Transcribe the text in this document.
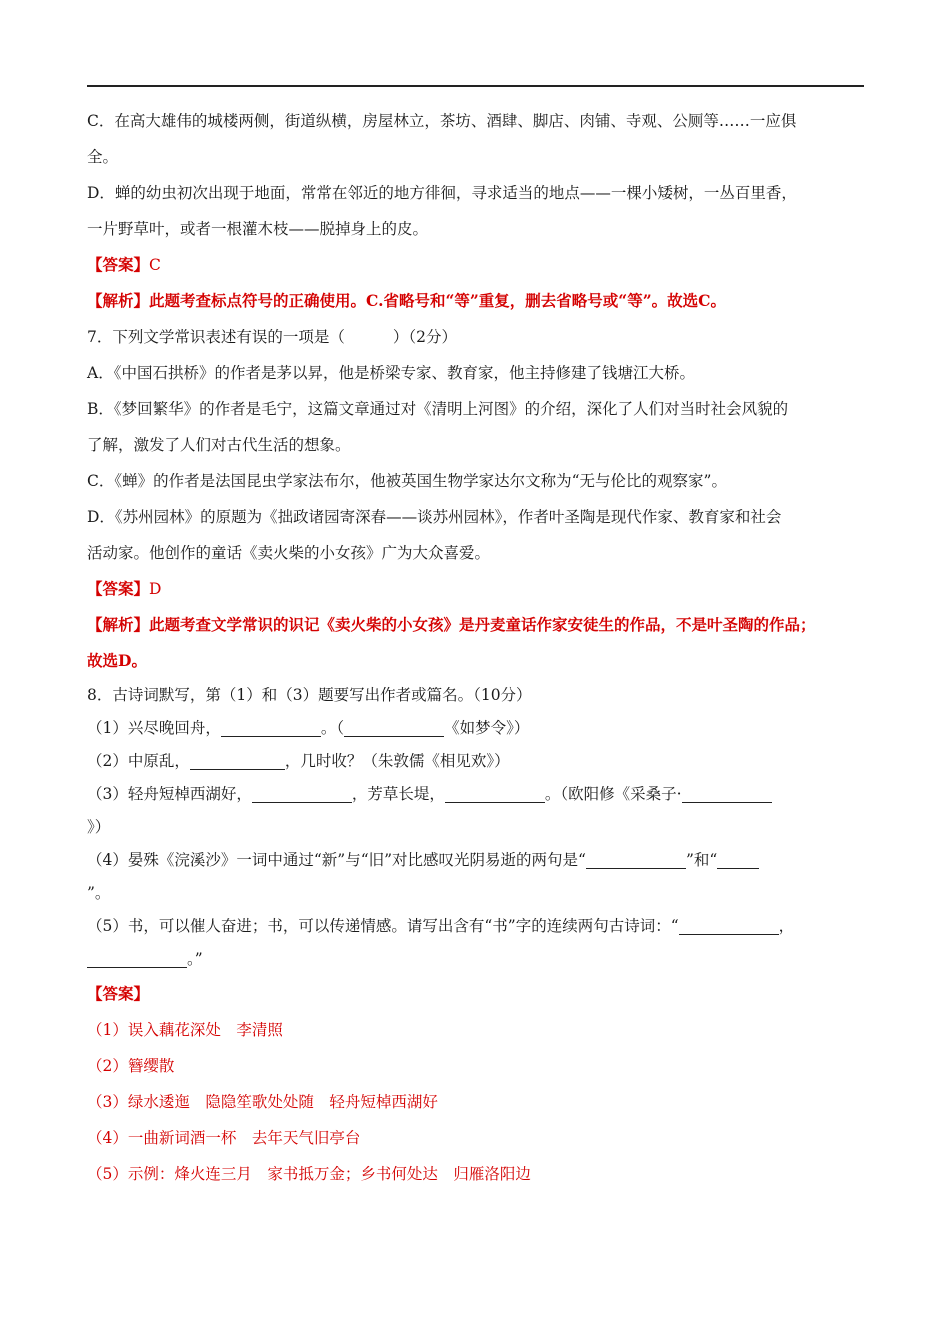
C．在高大雄伟的城楼两侧，街道纵横，房屋林立，茶坊、酒肆、脚店、肉铺、寺观、公厕等……一应俱
全。
D．蝉的幼虫初次出现于地面，常常在邻近的地方徘徊，寻求适当的地点——一棵小矮树，一丛百里香，
一片野草叶，或者一根灌木枝——脱掉身上的皮。
【答案】C
【解析】此题考查标点符号的正确使用。C.省略号和“等”重复，删去省略号或“等”。故选C。
7．下列文学常识表述有误的一项是（	）（2分）
A．《中国石拱桥》的作者是茅以昇，他是桥梁专家、教育家，他主持修建了钱塘江大桥。
B．《梦回繁华》的作者是毛宁，这篇文章通过对《清明上河图》的介绍，深化了人们对当时社会风貌的
了解，激发了人们对古代生活的想象。
C．《蝉》的作者是法国昆虫学家法布尔，他被英国生物学家达尔文称为“无与伦比的观察家”。
D．《苏州园林》的原题为《拙政诸园寄深春——谈苏州园林》，作者叶圣陶是现代作家、教育家和社会
活动家。他创作的童话《卖火柴的小女孩》广为大众喜爱。
【答案】D
【解析】此题考查文学常识的识记《卖火柴的小女孩》是丹麦童话作家安徒生的作品，不是叶圣陶的作品；
故选D。
8．古诗词默写，第（1）和（3）题要写出作者或篇名。（10分）
（1）兴尽晚回舟，	。（	《如梦令》）
（2）中原乱，	，几时收？（朱敦儒《相见欢》）
（3）轻舟短棹西湖好，	，芳草长堤，	。（欧阳修《采桑子·
》）
（4）晏殊《浣溪沙》一词中通过“新”与“旧”对比感叹光阴易逝的两句是“	”和“
”。
（5）书，可以催人奋进；书，可以传递情感。请写出含有“书”字的连续两句古诗词：“	，
。”
【答案】
（1）误入藕花深处　李清照
（2）簪缨散
（3）绿水逶迤　隐隐笙歌处处随　轻舟短棹西湖好
（4）一曲新词酒一杯　去年天气旧亭台
（5）示例：烽火连三月　家书抵万金；乡书何处达　归雁洛阳边
